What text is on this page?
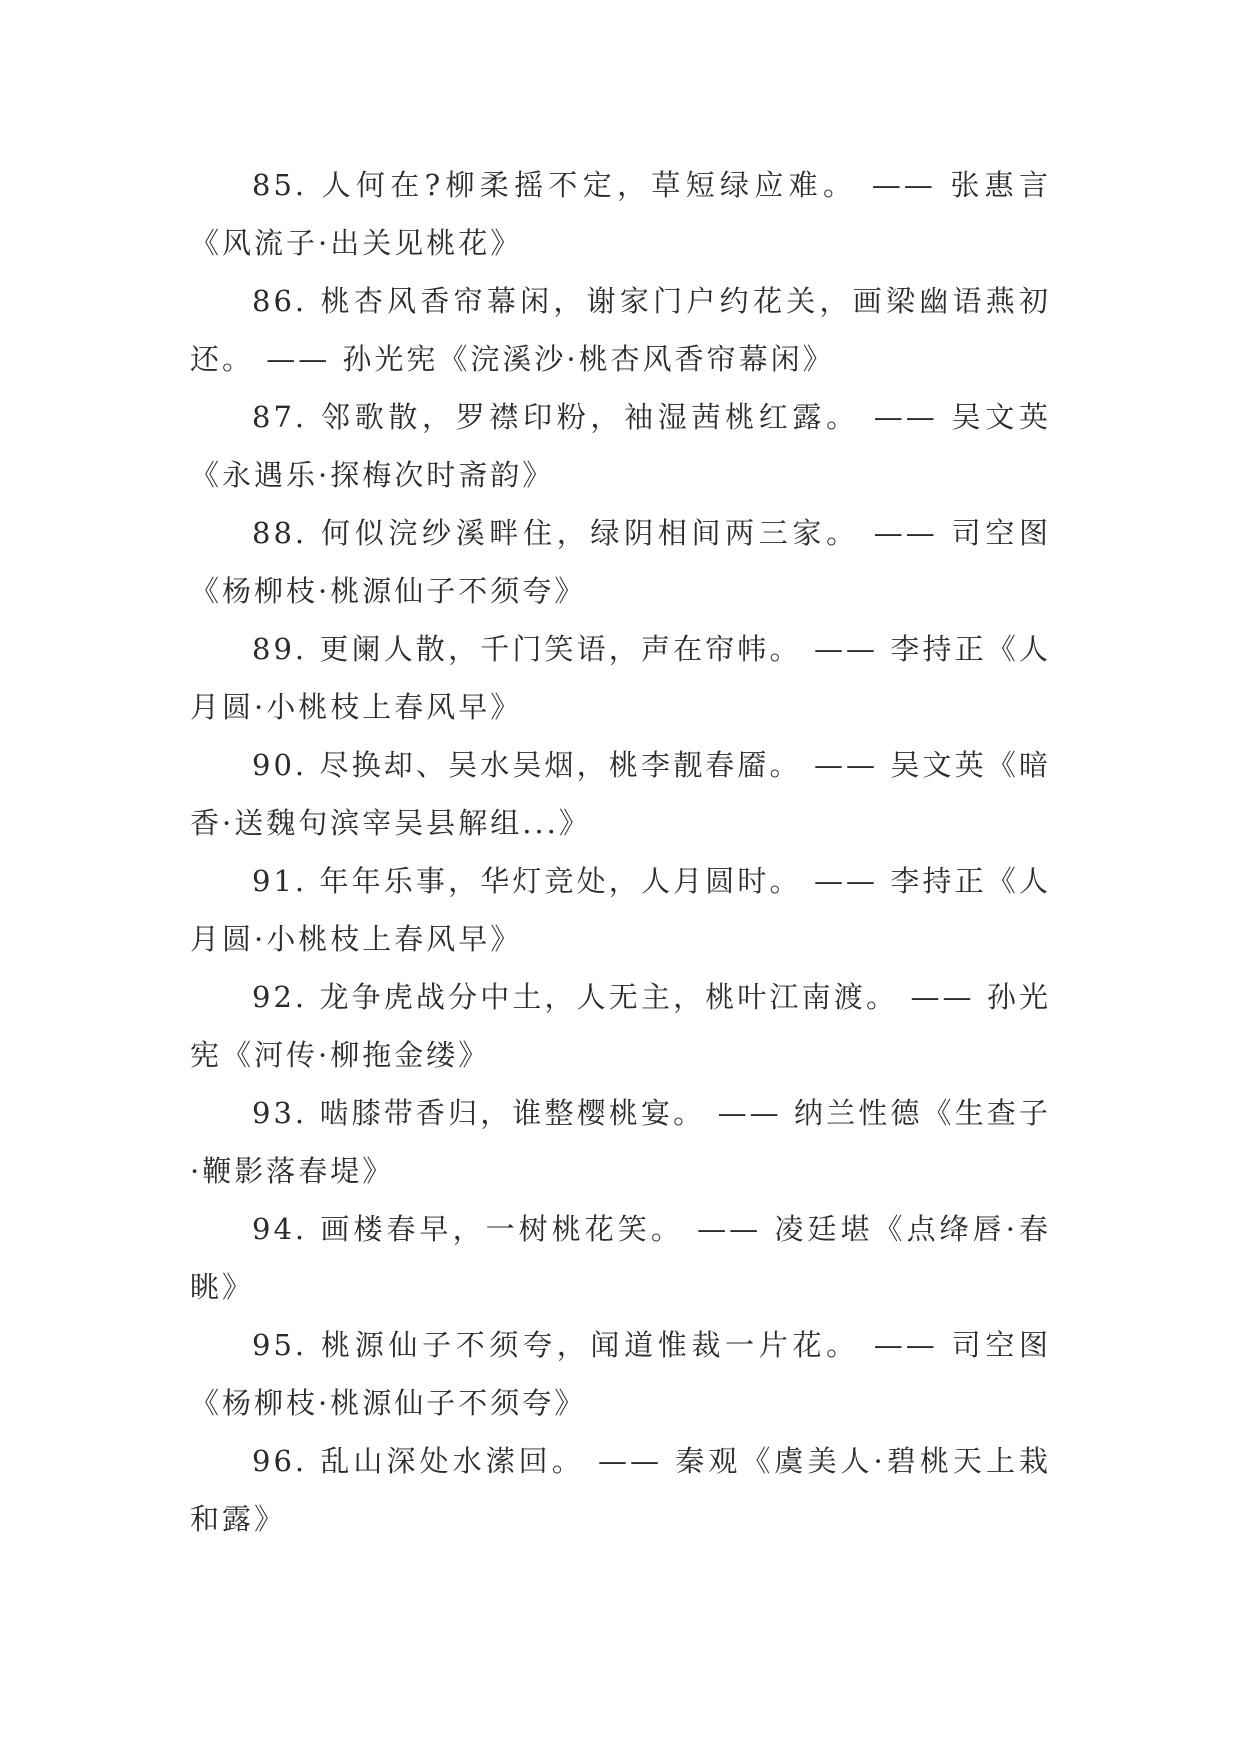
85. 人何在?柳柔摇不定，草短绿应难。 —— 张惠言《风流子·出关见桃花》

86. 桃杏风香帘幕闲，谢家门户约花关，画梁幽语燕初还。 —— 孙光宪《浣溪沙·桃杏风香帘幕闲》

87. 邻歌散，罗襟印粉，袖湿茜桃红露。 —— 吴文英《永遇乐·探梅次时斋韵》

88. 何似浣纱溪畔住，绿阴相间两三家。 —— 司空图《杨柳枝·桃源仙子不须夸》

89. 更阑人散，千门笑语，声在帘帏。 —— 李持正《人月圆·小桃枝上春风早》

90. 尽换却、吴水吴烟，桃李靓春靥。 —— 吴文英《暗香·送魏句滨宰吴县解组...》

91. 年年乐事，华灯竞处，人月圆时。 —— 李持正《人月圆·小桃枝上春风早》

92. 龙争虎战分中土，人无主，桃叶江南渡。 —— 孙光宪《河传·柳拖金缕》

93. 啮膝带香归，谁整樱桃宴。 —— 纳兰性德《生查子·鞭影落春堤》

94. 画楼春早，一树桃花笑。 —— 凌廷堪《点绛唇·春眺》

95. 桃源仙子不须夸，闻道惟裁一片花。 —— 司空图《杨柳枝·桃源仙子不须夸》

96. 乱山深处水潆回。 —— 秦观《虞美人·碧桃天上栽和露》
